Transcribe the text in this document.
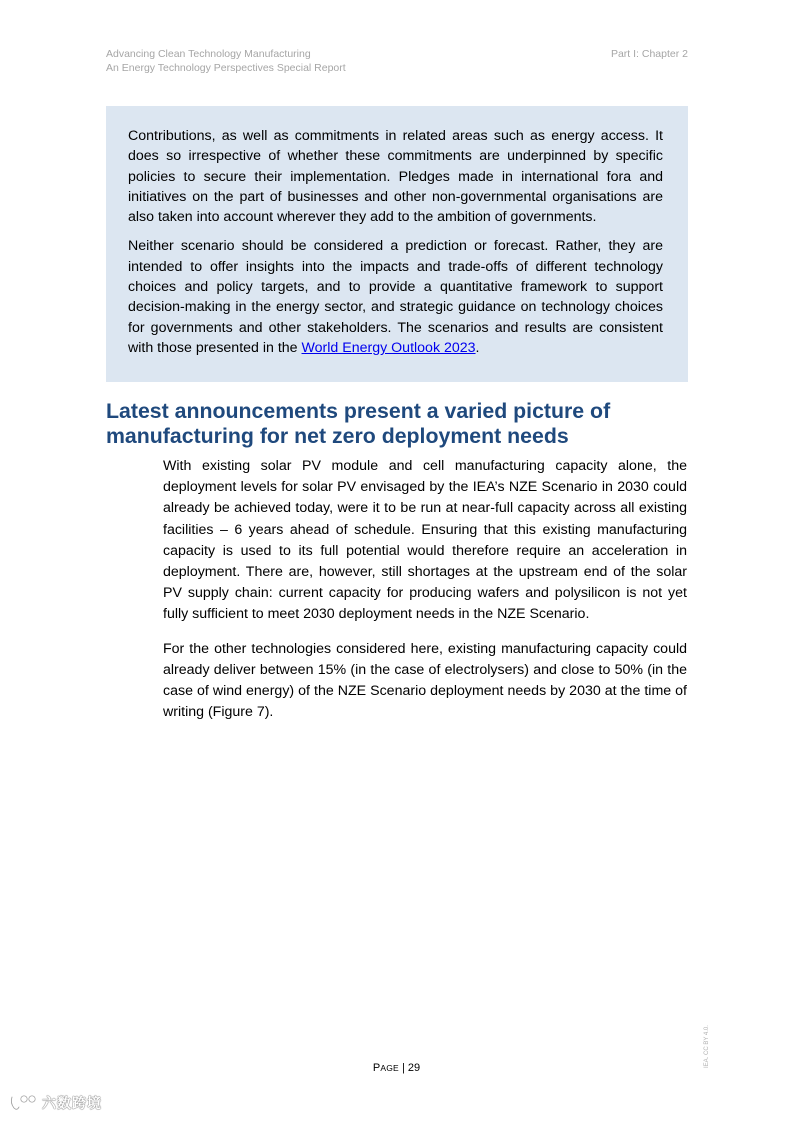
Advancing Clean Technology Manufacturing
An Energy Technology Perspectives Special Report
Part I: Chapter 2

Contributions, as well as commitments in related areas such as energy access. It does so irrespective of whether these commitments are underpinned by specific policies to secure their implementation. Pledges made in international fora and initiatives on the part of businesses and other non-governmental organisations are also taken into account wherever they add to the ambition of governments.

Neither scenario should be considered a prediction or forecast. Rather, they are intended to offer insights into the impacts and trade-offs of different technology choices and policy targets, and to provide a quantitative framework to support decision-making in the energy sector, and strategic guidance on technology choices for governments and other stakeholders. The scenarios and results are consistent with those presented in the World Energy Outlook 2023.

Latest announcements present a varied picture of manufacturing for net zero deployment needs

With existing solar PV module and cell manufacturing capacity alone, the deployment levels for solar PV envisaged by the IEA’s NZE Scenario in 2030 could already be achieved today, were it to be run at near-full capacity across all existing facilities – 6 years ahead of schedule. Ensuring that this existing manufacturing capacity is used to its full potential would therefore require an acceleration in deployment. There are, however, still shortages at the upstream end of the solar PV supply chain: current capacity for producing wafers and polysilicon is not yet fully sufficient to meet 2030 deployment needs in the NZE Scenario.

For the other technologies considered here, existing manufacturing capacity could already deliver between 15% (in the case of electrolysers) and close to 50% (in the case of wind energy) of the NZE Scenario deployment needs by 2030 at the time of writing (Figure 7).

PAGE | 29	IEA. CC BY 4.0.
六数跨境
